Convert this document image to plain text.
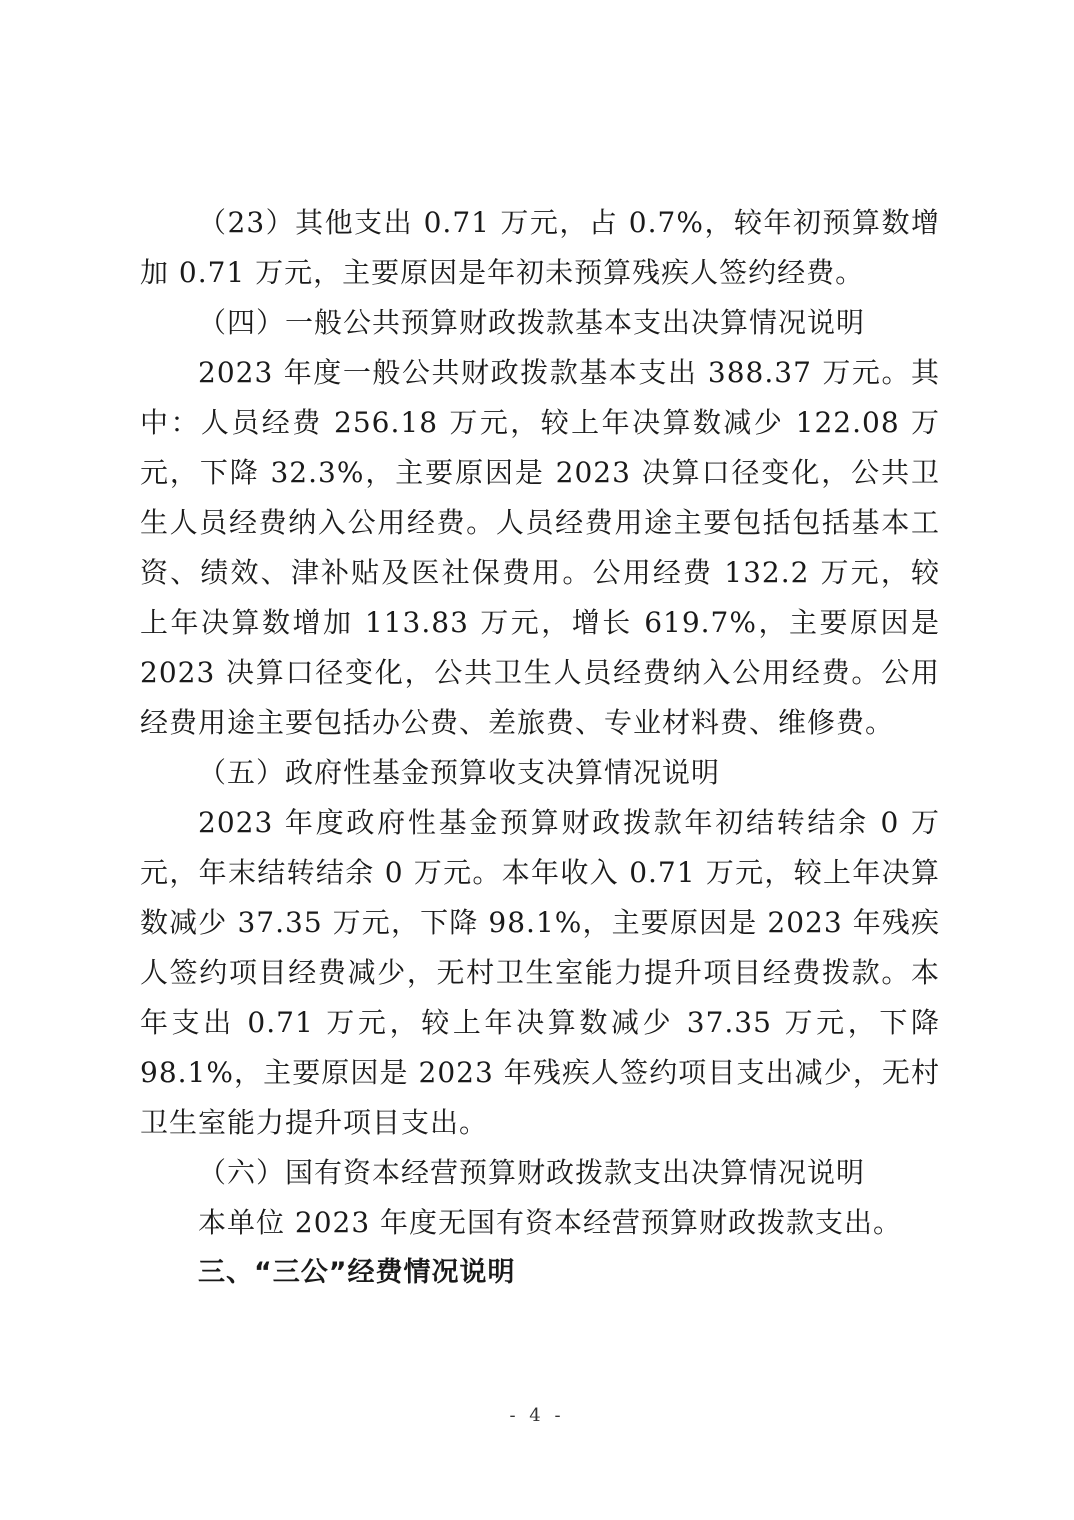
（23）其他支出 0.71 万元，占 0.7%，较年初预算数增加 0.71 万元，主要原因是年初未预算残疾人签约经费。

（四）一般公共预算财政拨款基本支出决算情况说明

2023 年度一般公共财政拨款基本支出 388.37 万元。其中：人员经费 256.18 万元，较上年决算数减少 122.08 万元，下降 32.3%，主要原因是 2023 决算口径变化，公共卫生人员经费纳入公用经费。人员经费用途主要包括包括基本工资、绩效、津补贴及医社保费用。公用经费 132.2 万元，较上年决算数增加 113.83 万元，增长 619.7%，主要原因是 2023 决算口径变化，公共卫生人员经费纳入公用经费。公用经费用途主要包括办公费、差旅费、专业材料费、维修费。

（五）政府性基金预算收支决算情况说明

2023 年度政府性基金预算财政拨款年初结转结余 0 万元，年末结转结余 0 万元。本年收入 0.71 万元，较上年决算数减少 37.35 万元，下降 98.1%，主要原因是 2023 年残疾人签约项目经费减少，无村卫生室能力提升项目经费拨款。本年支出 0.71 万元，较上年决算数减少 37.35 万元，下降 98.1%，主要原因是 2023 年残疾人签约项目支出减少，无村卫生室能力提升项目支出。

（六）国有资本经营预算财政拨款支出决算情况说明

本单位 2023 年度无国有资本经营预算财政拨款支出。

三、“三公”经费情况说明

- 4 -
